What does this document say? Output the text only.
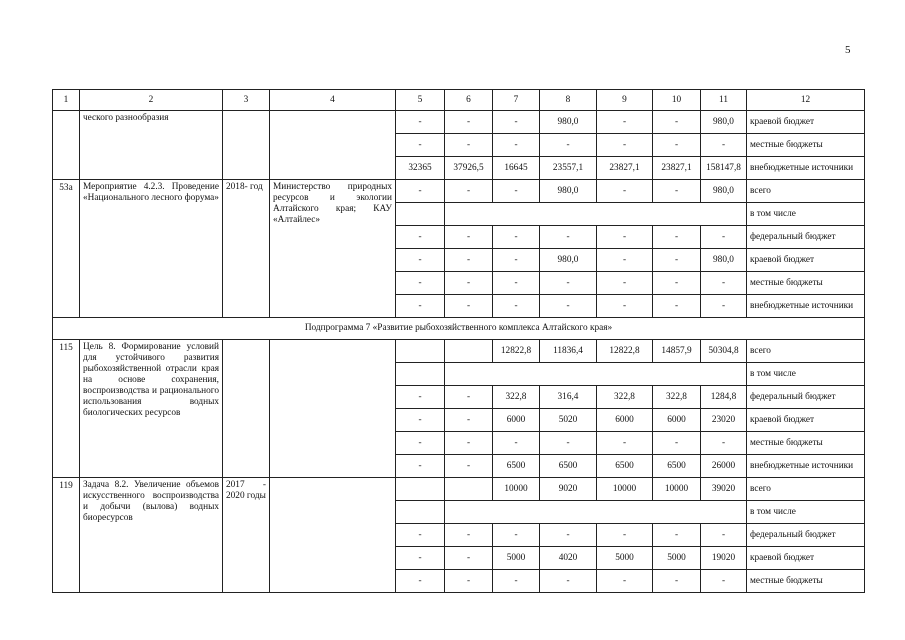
5
1	2	3	4	5	6	7	8	9	10	11	12
	ческого разнообразия			-	-	-	980,0	-	-	980,0	краевой бюджет
				-	-	-	-	-	-	-	местные бюджеты
				32365	37926,5	16645	23557,1	23827,1	23827,1	158147,8	внебюджетные источники
53а	Мероприятие 4.2.3. Проведение «Национального лесного форума»	2018- год	Министерство природных ресурсов и экологии Алтайского края; КАУ «Алтайлес»	-	-	-	980,0	-	-	980,0	всего
											в том числе
				-	-	-	-	-	-	-	федеральный бюджет
				-	-	-	980,0	-	-	980,0	краевой бюджет
				-	-	-	-	-	-	-	местные бюджеты
				-	-	-	-	-	-	-	внебюджетные источники
Подпрограмма 7 «Развитие рыбохозяйственного комплекса Алтайского края»											
115	Цель 8. Формирование условий для устойчивого развития рыбохозяйственной отрасли края на основе сохранения, воспроизводства и рационального использования водных биологических ресурсов					12822,8	11836,4	12822,8	14857,9	50304,8	всего
											в том числе
				-	-	322,8	316,4	322,8	322,8	1284,8	федеральный бюджет
				-	-	6000	5020	6000	6000	23020	краевой бюджет
				-	-	-	-	-	-	-	местные бюджеты
				-	-	6500	6500	6500	6500	26000	внебюджетные источники
119	Задача 8.2. Увеличение объемов искусственного воспроизводства и добычи (вылова) водных биоресурсов	2017 - 2020 годы				10000	9020	10000	10000	39020	всего
											в том числе
				-	-	-	-	-	-	-	федеральный бюджет
				-	-	5000	4020	5000	5000	19020	краевой бюджет
				-	-	-	-	-	-	-	местные бюджеты
